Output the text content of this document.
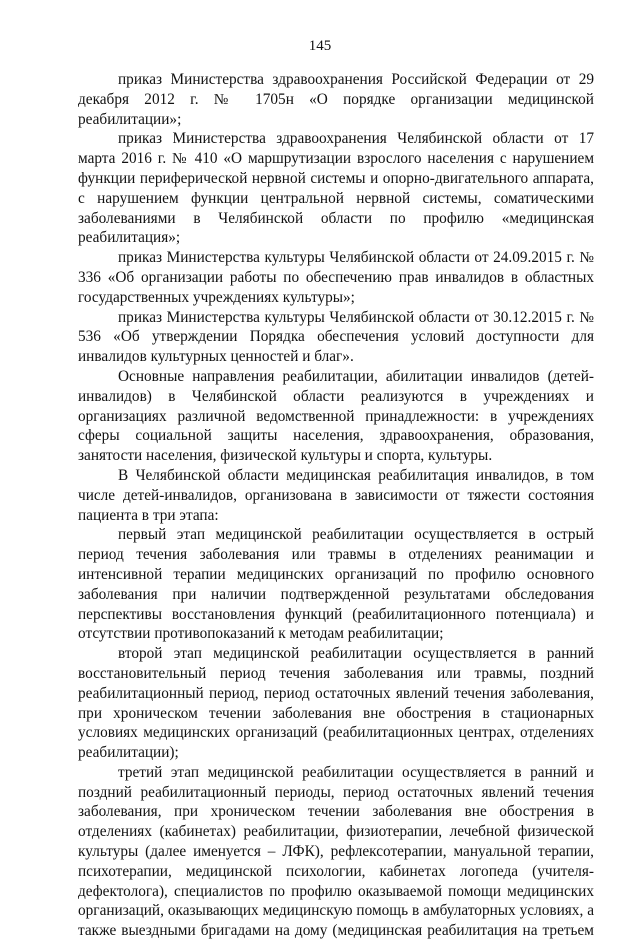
145

приказ Министерства здравоохранения Российской Федерации от 29 декабря 2012 г. № 1705н «О порядке организации медицинской реабилитации»;

приказ Министерства здравоохранения Челябинской области от 17 марта 2016 г. № 410 «О маршрутизации взрослого населения с нарушением функции периферической нервной системы и опорно-двигательного аппарата, с нарушением функции центральной нервной системы, соматическими заболеваниями в Челябинской области по профилю «медицинская реабилитация»;

приказ Министерства культуры Челябинской области от 24.09.2015 г. № 336 «Об организации работы по обеспечению прав инвалидов в областных государственных учреждениях культуры»;

приказ Министерства культуры Челябинской области от 30.12.2015 г. № 536 «Об утверждении Порядка обеспечения условий доступности для инвалидов культурных ценностей и благ».

Основные направления реабилитации, абилитации инвалидов (детей-инвалидов) в Челябинской области реализуются в учреждениях и организациях различной ведомственной принадлежности: в учреждениях сферы социальной защиты населения, здравоохранения, образования, занятости населения, физической культуры и спорта, культуры.

В Челябинской области медицинская реабилитация инвалидов, в том числе детей-инвалидов, организована в зависимости от тяжести состояния пациента в три этапа:

первый этап медицинской реабилитации осуществляется в острый период течения заболевания или травмы в отделениях реанимации и интенсивной терапии медицинских организаций по профилю основного заболевания при наличии подтвержденной результатами обследования перспективы восстановления функций (реабилитационного потенциала) и отсутствии противопоказаний к методам реабилитации;

второй этап медицинской реабилитации осуществляется в ранний восстановительный период течения заболевания или травмы, поздний реабилитационный период, период остаточных явлений течения заболевания, при хроническом течении заболевания вне обострения в стационарных условиях медицинских организаций (реабилитационных центрах, отделениях реабилитации);

третий этап медицинской реабилитации осуществляется в ранний и поздний реабилитационный периоды, период остаточных явлений течения заболевания, при хроническом течении заболевания вне обострения в отделениях (кабинетах) реабилитации, физиотерапии, лечебной физической культуры (далее именуется – ЛФК), рефлексотерапии, мануальной терапии, психотерапии, медицинской психологии, кабинетах логопеда (учителя-дефектолога), специалистов по профилю оказываемой помощи медицинских организаций, оказывающих медицинскую помощь в амбулаторных условиях, а также выездными бригадами на дому (медицинская реабилитация на третьем
